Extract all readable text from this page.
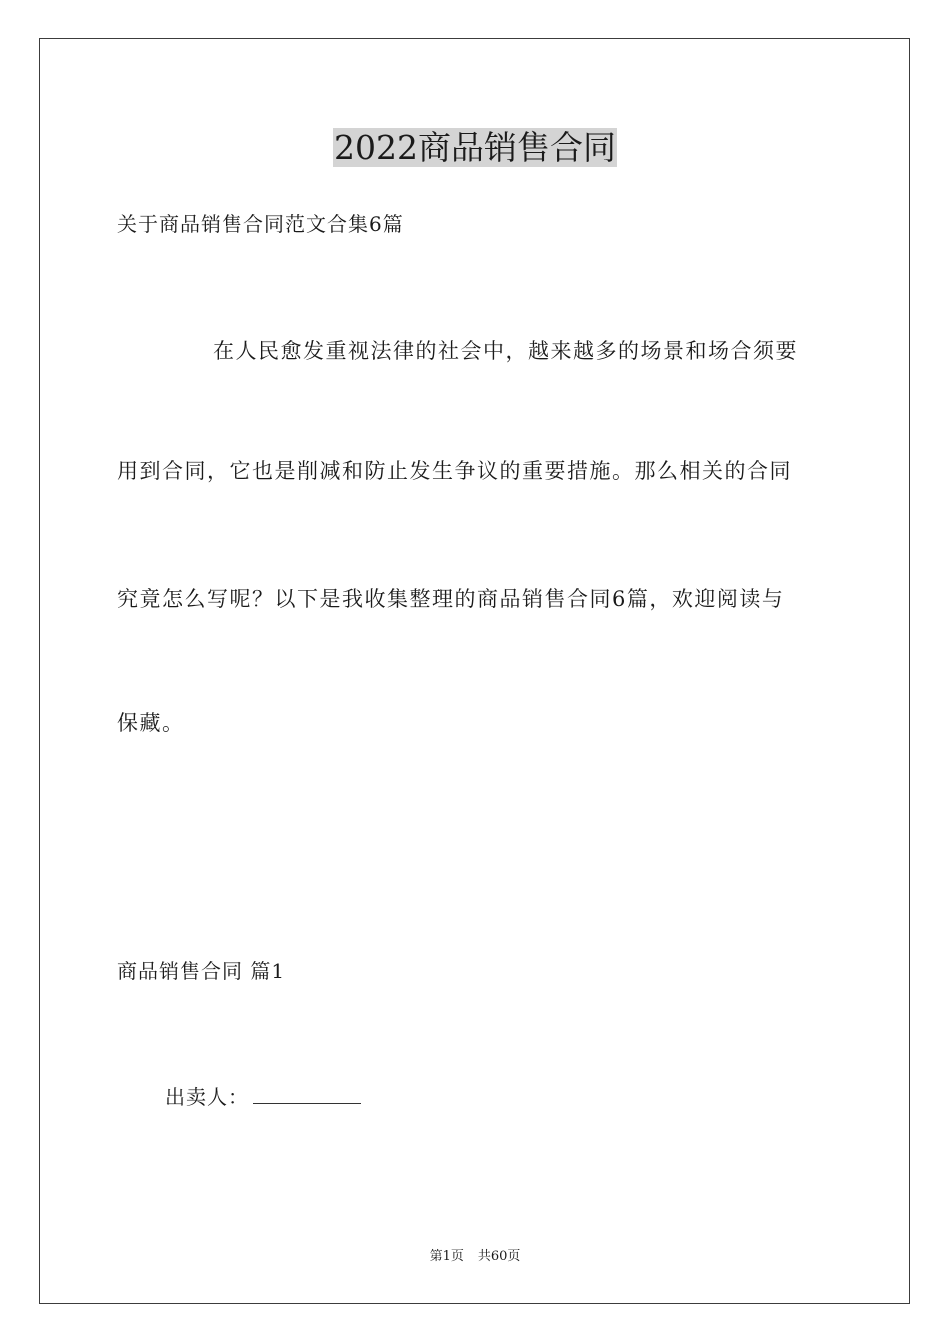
2022商品销售合同

关于商品销售合同范文合集6篇

在人民愈发重视法律的社会中，越来越多的场景和场合须要

用到合同，它也是削减和防止发生争议的重要措施。那么相关的合同

究竟怎么写呢？以下是我收集整理的商品销售合同6篇，欢迎阅读与

保藏。

商品销售合同 篇1

出卖人：

第1页 共60页
